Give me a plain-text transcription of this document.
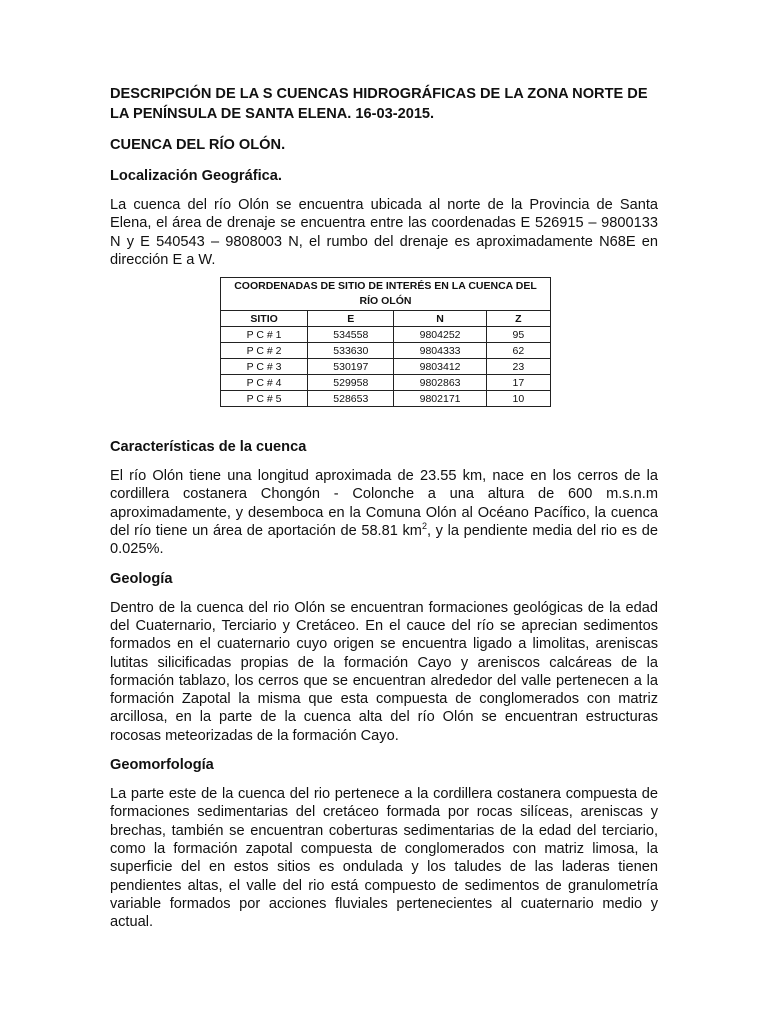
DESCRIPCIÓN DE LA S CUENCAS HIDROGRÁFICAS DE LA ZONA NORTE DE LA PENÍNSULA DE SANTA ELENA. 16-03-2015.

CUENCA DEL RÍO OLÓN.

Localización Geográfica.

La cuenca del río Olón se encuentra ubicada al norte de la Provincia de Santa Elena, el área de drenaje se encuentra entre las coordenadas E 526915 – 9800133 N y E 540543 – 9808003 N, el rumbo del drenaje es aproximadamente N68E en dirección E a W.

COORDENADAS DE SITIO DE INTERÉS EN LA CUENCA DEL RÍO OLÓN			
SITIO	E	N	Z
P C # 1	534558	9804252	95
P C # 2	533630	9804333	62
P C # 3	530197	9803412	23
P C # 4	529958	9802863	17
P C # 5	528653	9802171	10

Características de la cuenca

El río Olón tiene una longitud aproximada de 23.55 km, nace en los cerros de la cordillera costanera Chongón - Colonche a una altura de 600 m.s.n.m aproximadamente, y desemboca en la Comuna Olón al Océano Pacífico, la cuenca del río tiene un área de aportación de 58.81 $km^2$, y la pendiente media del rio es de 0.025%.

Geología

Dentro de la cuenca del rio Olón se encuentran formaciones geológicas de la edad del Cuaternario, Terciario y Cretáceo. En el cauce del río se aprecian sedimentos formados en el cuaternario cuyo origen se encuentra ligado a limolitas, areniscas lutitas silicificadas propias de la formación Cayo y areniscos calcáreas de la formación tablazo, los cerros que se encuentran alrededor del valle pertenecen a la formación Zapotal la misma que esta compuesta de conglomerados con matriz arcillosa, en la parte de la cuenca alta del río Olón se encuentran estructuras rocosas meteorizadas de la formación Cayo.

Geomorfología

La parte este de la cuenca del rio pertenece a la cordillera costanera compuesta de formaciones sedimentarias del cretáceo formada por rocas silíceas, areniscas y brechas, también se encuentran coberturas sedimentarias de la edad del terciario, como la formación zapotal compuesta de conglomerados con matriz limosa, la superficie del en estos sitios es ondulada y los taludes de las laderas tienen pendientes altas, el valle del rio está compuesto de sedimentos de granulometría variable formados por acciones fluviales pertenecientes al cuaternario medio y actual.
